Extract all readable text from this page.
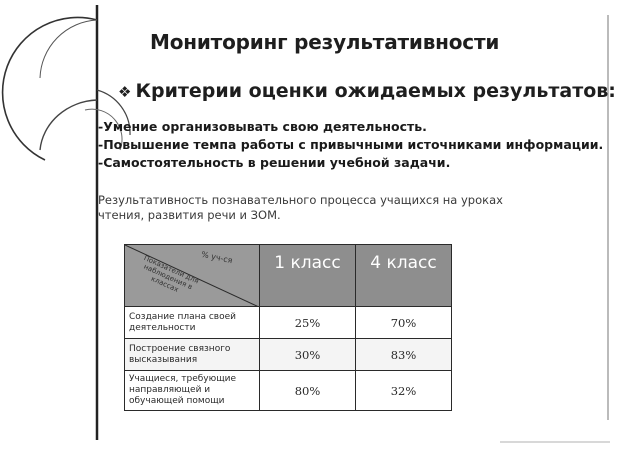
Мониторинг результативности
❖ Критерии оценки ожидаемых результатов:
-Умение организовывать свою деятельность.
-Повышение темпа работы с привычными источниками информации.
-Самостоятельность в решении учебной задачи.
Результативность познавательного процесса учащихся на уроках чтения, развития речи и ЗОМ.
% уч-ся
Показатели для наблюдения в классах	1 класс	4 класс
Создание плана своей деятельности	25%	70%
Построение связного высказывания	30%	83%
Учащиеся, требующие направляющей и обучающей помощи	80%	32%
